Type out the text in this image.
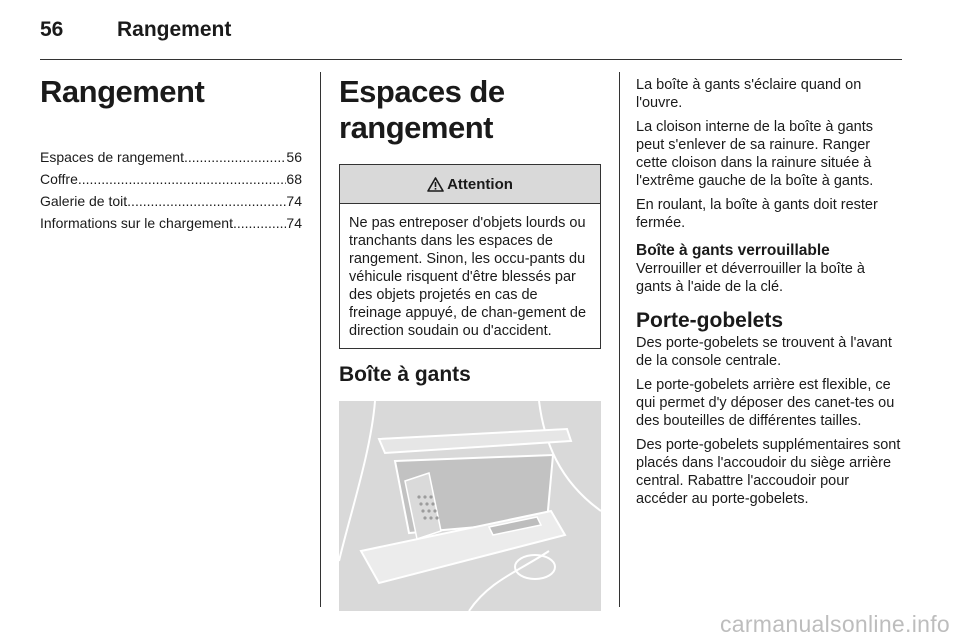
56	Rangement
Rangement
Espaces de rangement .....	56
Coffre .....	68
Galerie de toit .....	74
Informations sur le chargement .....	74
Espaces de rangement
Attention
Ne pas entreposer d'objets lourds ou tranchants dans les espaces de rangement. Sinon, les occu-pants du véhicule risquent d'être blessés par des objets projetés en cas de freinage appuyé, de chan-gement de direction soudain ou d'accident.
Boîte à gants

La boîte à gants s'éclaire quand on l'ouvre.

La cloison interne de la boîte à gants peut s'enlever de sa rainure. Ranger cette cloison dans la rainure située à l'extrême gauche de la boîte à gants.

En roulant, la boîte à gants doit rester fermée.

Boîte à gants verrouillable

Verrouiller et déverrouiller la boîte à gants à l'aide de la clé.

Porte-gobelets

Des porte-gobelets se trouvent à l'avant de la console centrale.

Le porte-gobelets arrière est flexible, ce qui permet d'y déposer des canet-tes ou des bouteilles de différentes tailles.

Des porte-gobelets supplémentaires sont placés dans l'accoudoir du siège arrière central. Rabattre l'accoudoir pour accéder au porte-gobelets.

carmanualsonline.info
